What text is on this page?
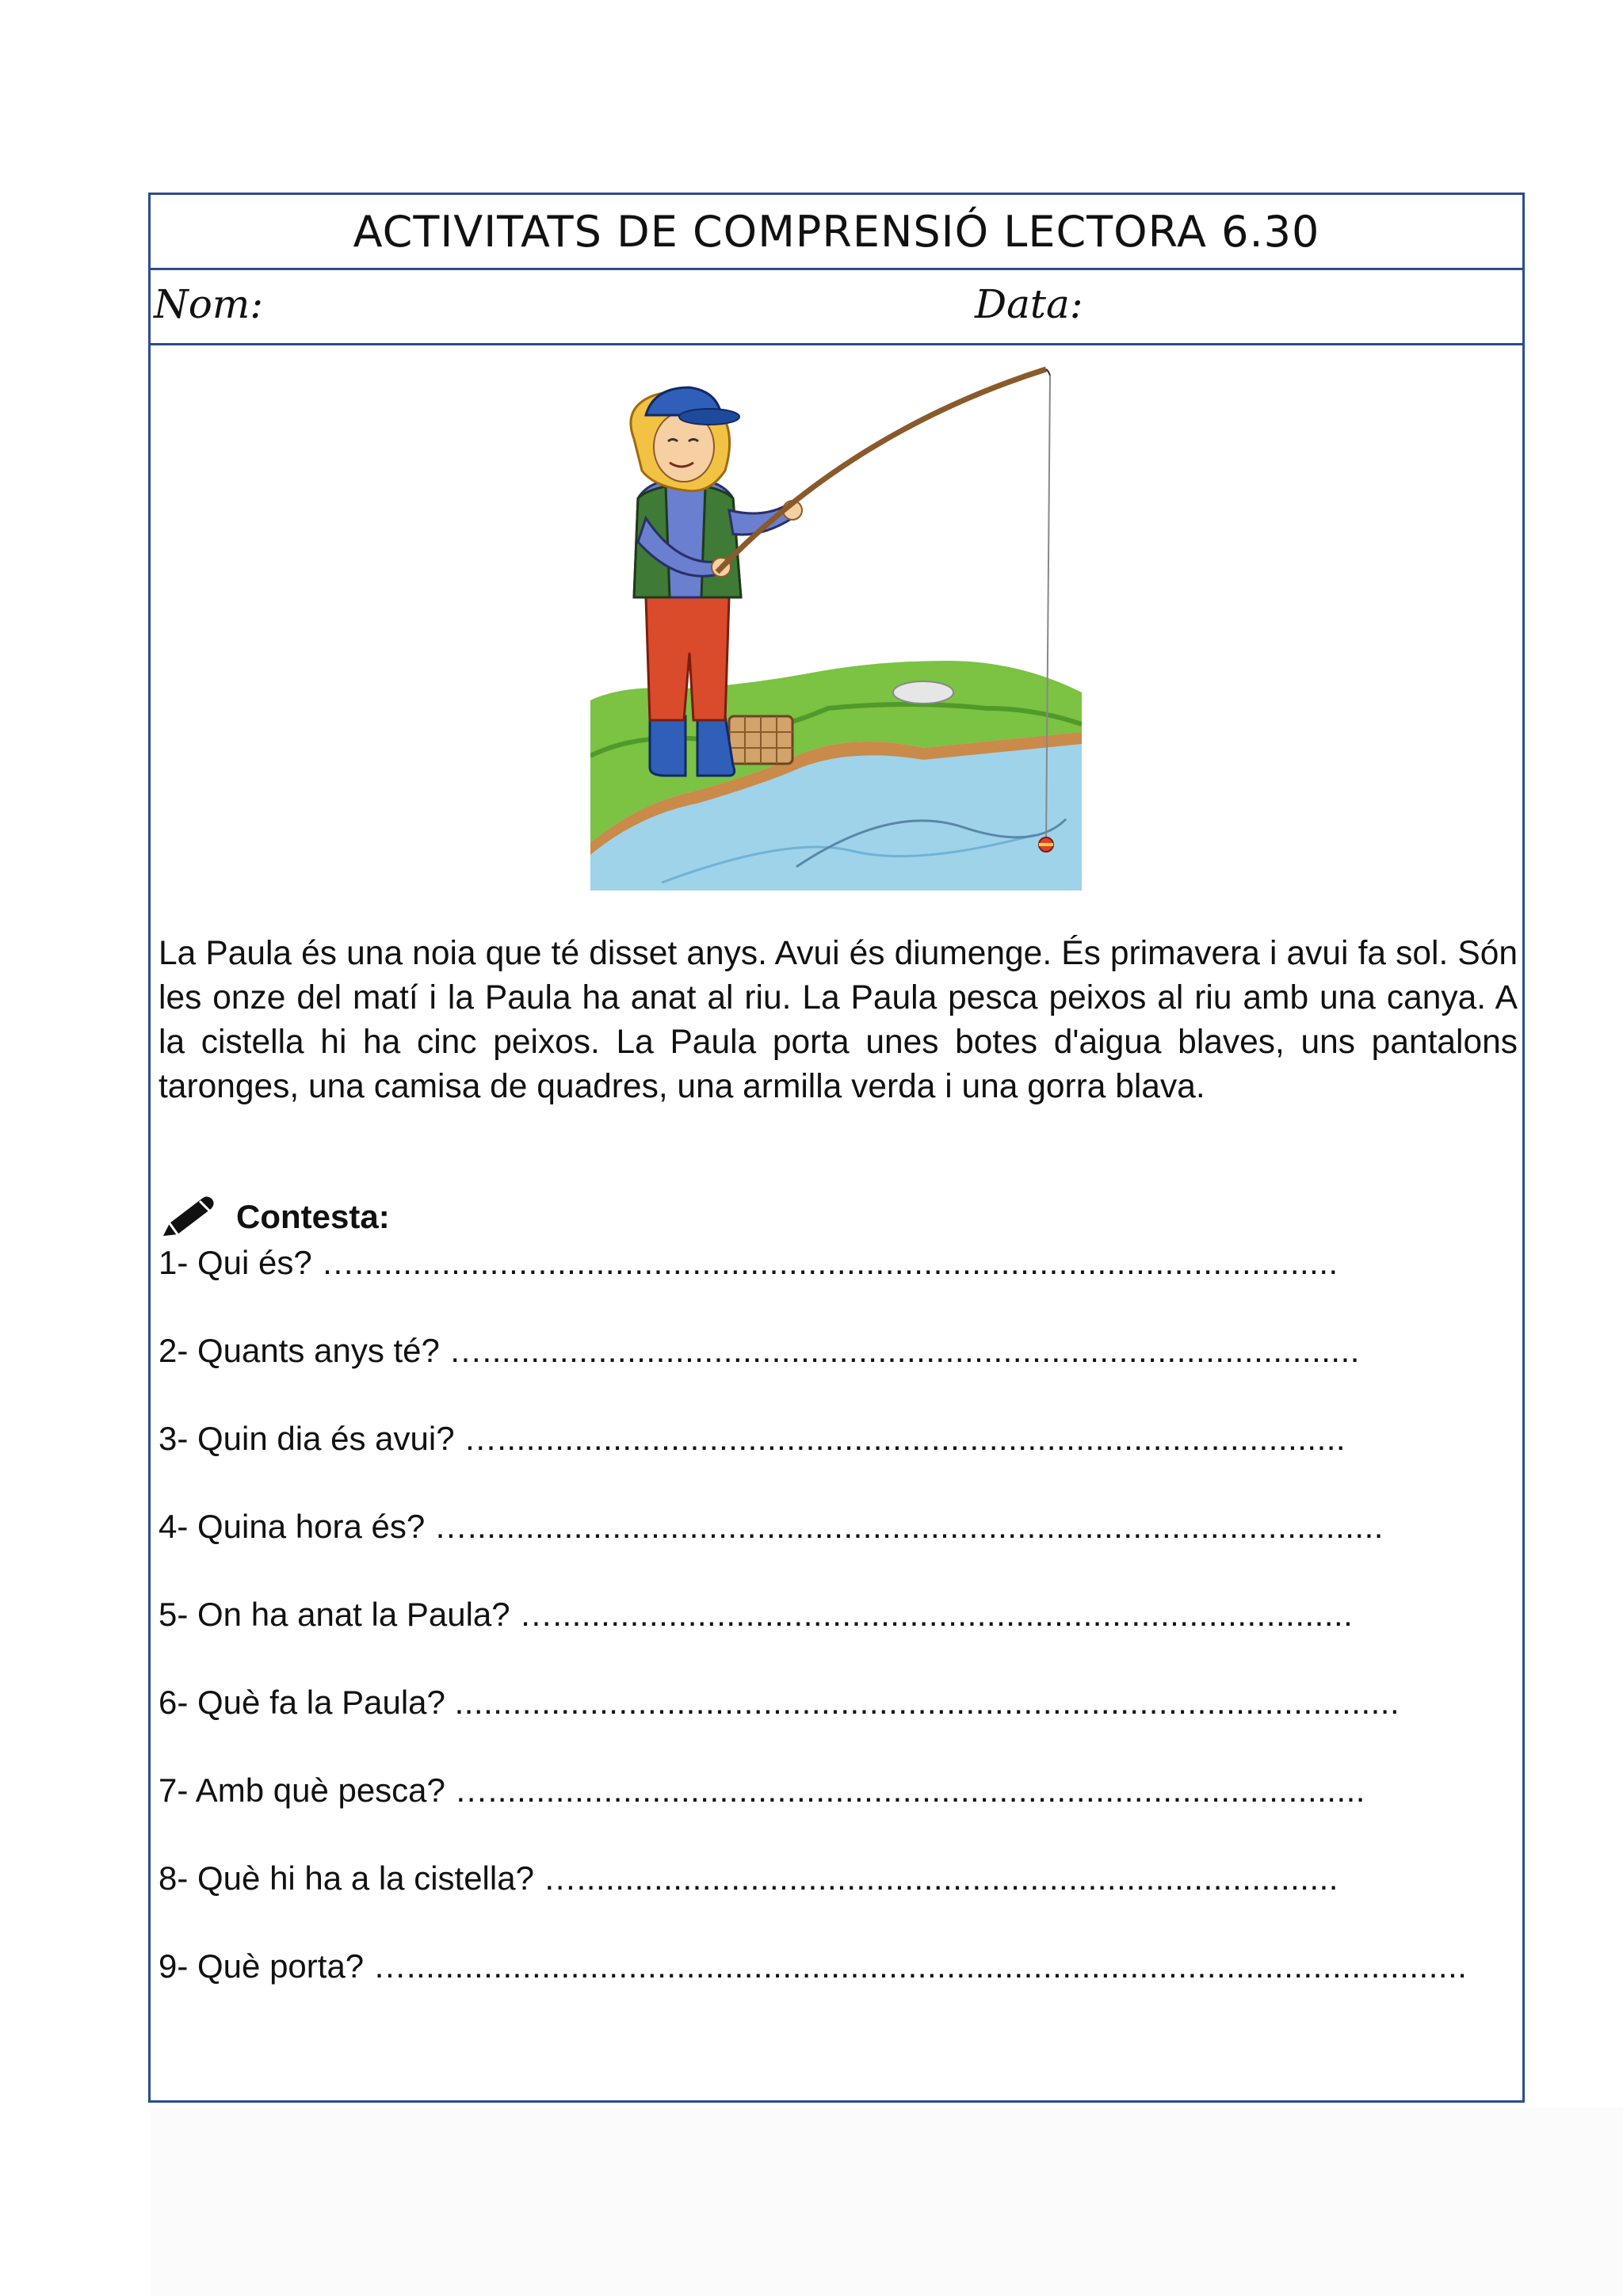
ACTIVITATS DE COMPRENSIÓ LECTORA 6.30
Nom:	Data:
La Paula és una noia que té disset anys. Avui és diumenge. És primavera i avui fa sol. Són les onze del matí i la Paula ha anat al riu. La Paula pesca peixos al riu amb una canya. A la cistella hi ha cinc peixos. La Paula porta unes botes d'aigua blaves, uns pantalons taronges, una camisa de quadres, una armilla verda i una gorra blava.
Contesta:
1- Qui és? …......................................................................................................
2- Quants anys té? …...........................................................................................
3- Quin dia és avui? …........................................................................................
4- Quina hora és? …...............................................................................................
5- On ha anat la Paula? …...................................................................................
6- Què fa la Paula? ..................................................................................................
7- Amb què pesca? …...........................................................................................
8- Què hi ha a la cistella? …...............................................................................
9- Què porta? …..............................................................................................................
